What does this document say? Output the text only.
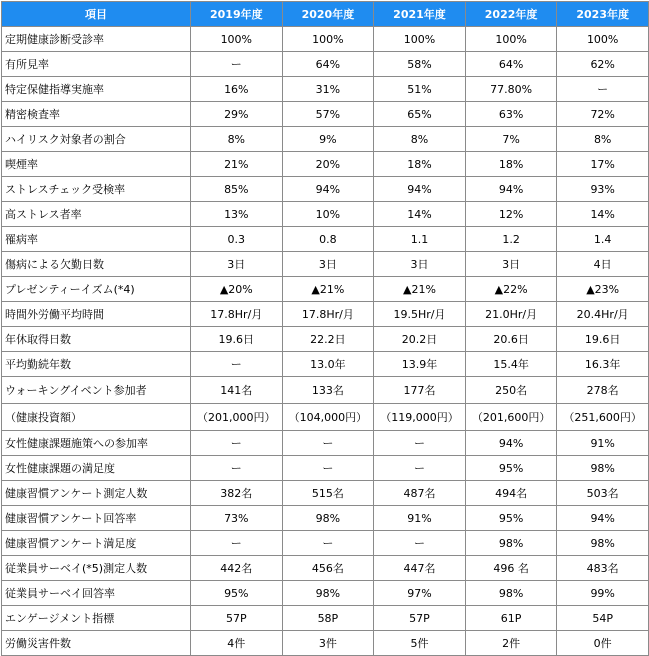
項目	2019年度	2020年度	2021年度	2022年度	2023年度
定期健康診断受診率	100%	100%	100%	100%	100%
有所見率	ー	64%	58%	64%	62%
特定保健指導実施率	16%	31%	51%	77.80%	ー
精密検査率	29%	57%	65%	63%	72%
ハイリスク対象者の割合	8%	9%	8%	7%	8%
喫煙率	21%	20%	18%	18%	17%
ストレスチェック受検率	85%	94%	94%	94%	93%
高ストレス者率	13%	10%	14%	12%	14%
罹病率	0.3	0.8	1.1	1.2	1.4
傷病による欠勤日数	3日	3日	3日	3日	4日
プレゼンティーイズム(*4)	▲20%	▲21%	▲21%	▲22%	▲23%
時間外労働平均時間	17.8Hr/月	17.8Hr/月	19.5Hr/月	21.0Hr/月	20.4Hr/月
年休取得日数	19.6日	22.2日	20.2日	20.6日	19.6日
平均勤続年数	ー	13.0年	13.9年	15.4年	16.3年
ウォーキングイベント参加者	141名	133名	177名	250名	278名
（健康投資額）	（201,000円）	（104,000円）	（119,000円）	（201,600円）	（251,600円）
女性健康課題施策への参加率	ー	ー	ー	94%	91%
女性健康課題の満足度	ー	ー	ー	95%	98%
健康習慣アンケート測定人数	382名	515名	487名	494名	503名
健康習慣アンケート回答率	73%	98%	91%	95%	94%
健康習慣アンケート満足度	ー	ー	ー	98%	98%
従業員サーベイ(*5)測定人数	442名	456名	447名	496 名	483名
従業員サーベイ回答率	95%	98%	97%	98%	99%
エンゲージメント指標	57P	58P	57P	61P	54P
労働災害件数	4件	3件	5件	2件	0件
